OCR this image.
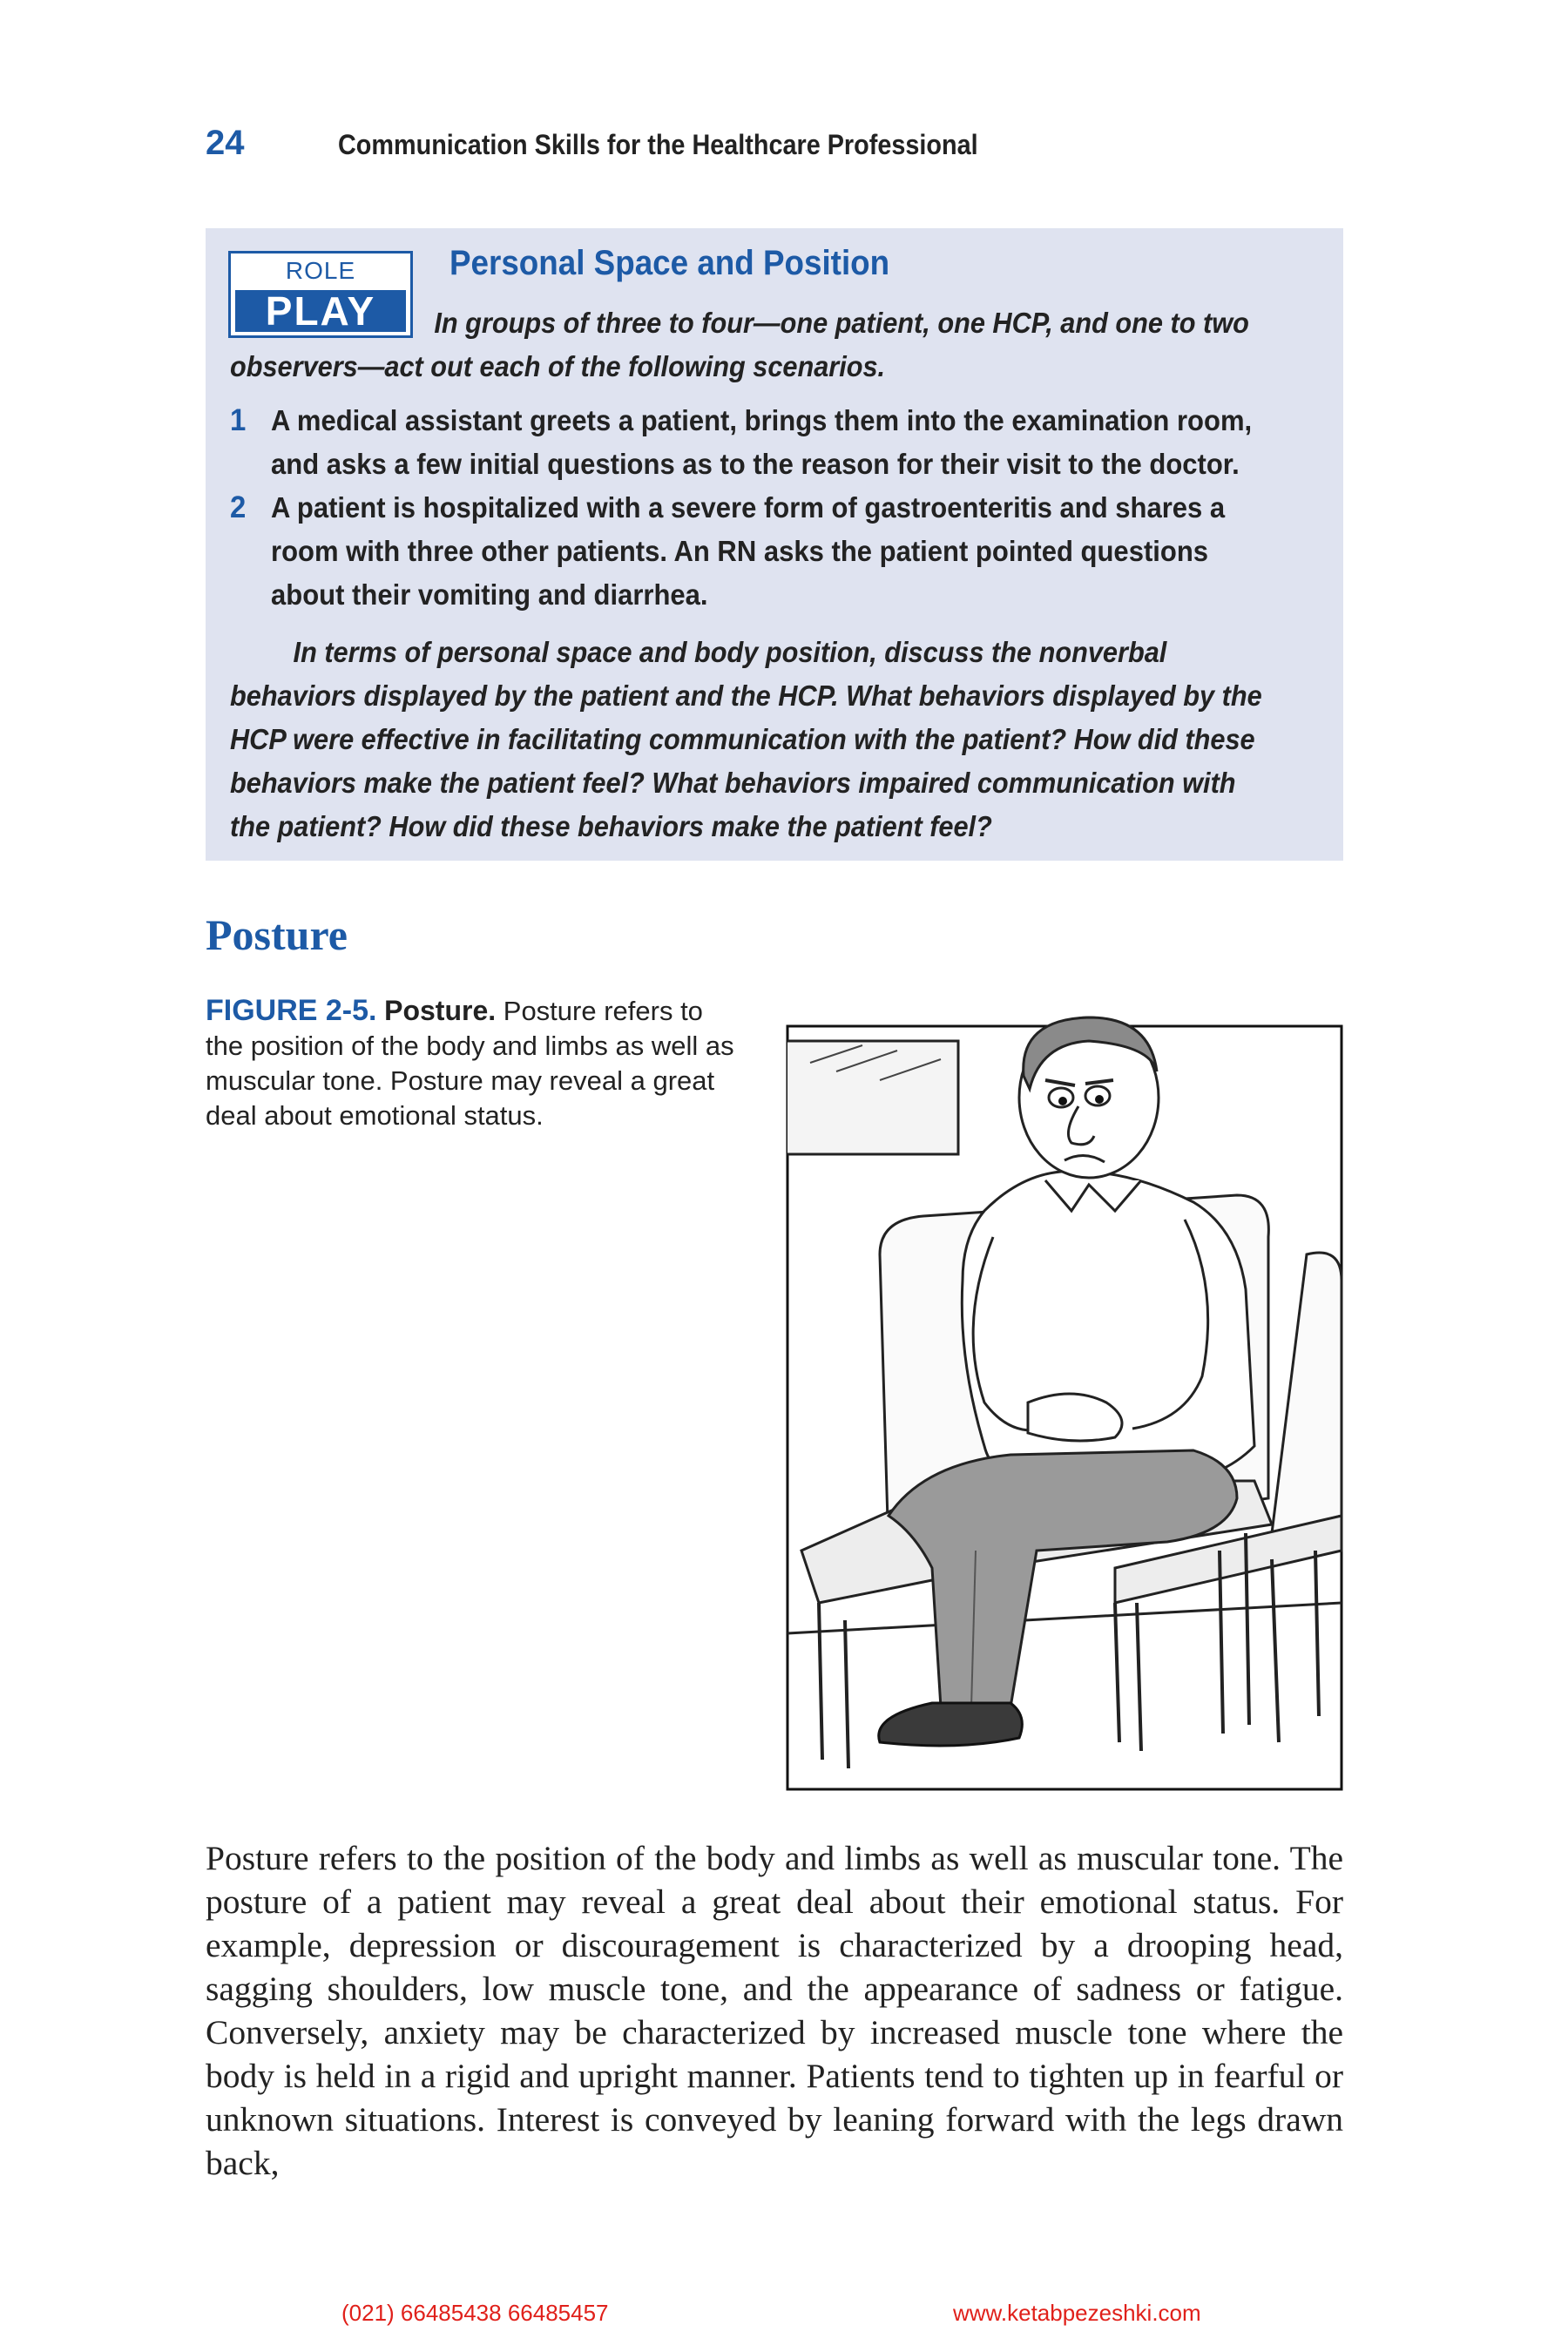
24	Communication Skills for the Healthcare Professional
ROLE
PLAY
Personal Space and Position
In groups of three to four—one patient, one HCP, and one to two observers—act out each of the following scenarios.
1 A medical assistant greets a patient, brings them into the examination room, and asks a few initial questions as to the reason for their visit to the doctor.
2 A patient is hospitalized with a severe form of gastroenteritis and shares a room with three other patients. An RN asks the patient pointed questions about their vomiting and diarrhea.
In terms of personal space and body position, discuss the nonverbal behaviors displayed by the patient and the HCP. What behaviors displayed by the HCP were effective in facilitating communication with the patient? How did these behaviors make the patient feel? What behaviors impaired communication with the patient? How did these behaviors make the patient feel?
Posture
FIGURE 2-5. Posture. Posture refers to the position of the body and limbs as well as muscular tone. Posture may reveal a great deal about emotional status.
Posture refers to the position of the body and limbs as well as muscular tone. The posture of a patient may reveal a great deal about their emotional status. For example, depression or discouragement is characterized by a drooping head, sagging shoulders, low muscle tone, and the appearance of sadness or fatigue. Conversely, anxiety may be characterized by increased muscle tone where the body is held in a rigid and upright manner. Patients tend to tighten up in fearful or unknown situations. Interest is conveyed by leaning forward with the legs drawn back,
(021) 66485438 66485457	www.ketabpezeshki.com
